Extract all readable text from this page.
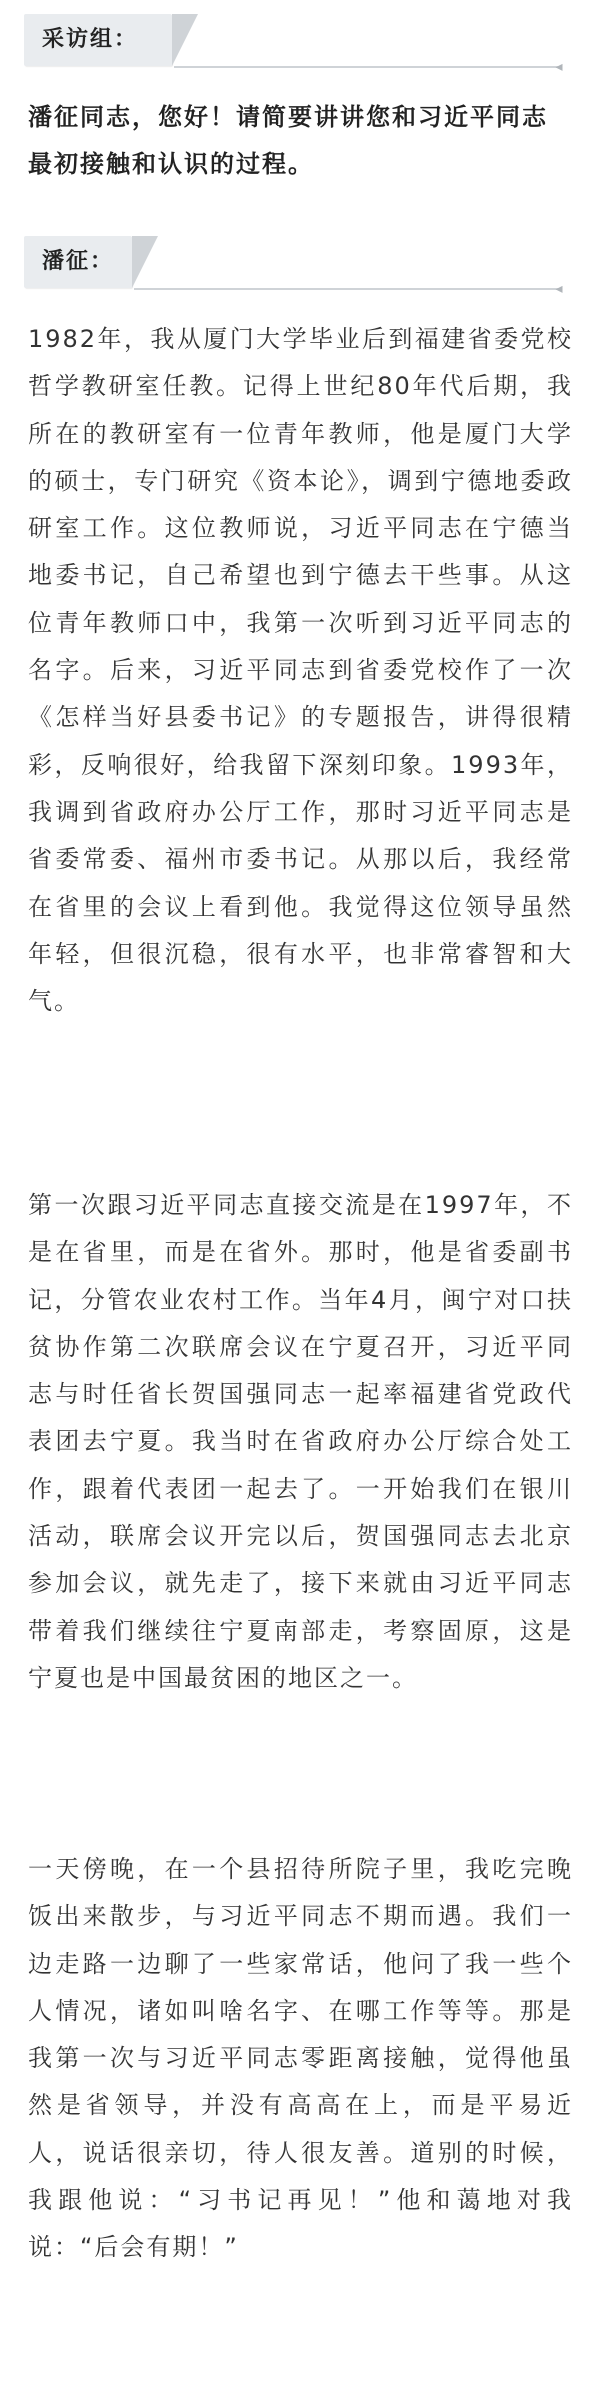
采访组：
◂
潘征同志，您好！请简要讲讲您和习近平同志最初接触和认识的过程。
潘征：
◂
1982年，我从厦门大学毕业后到福建省委党校哲学教研室任教。记得上世纪80年代后期，我所在的教研室有一位青年教师，他是厦门大学的硕士，专门研究《资本论》，调到宁德地委政研室工作。这位教师说，习近平同志在宁德当地委书记，自己希望也到宁德去干些事。从这位青年教师口中，我第一次听到习近平同志的名字。后来，习近平同志到省委党校作了一次《怎样当好县委书记》的专题报告，讲得很精彩，反响很好，给我留下深刻印象。1993年，我调到省政府办公厅工作，那时习近平同志是省委常委、福州市委书记。从那以后，我经常在省里的会议上看到他。我觉得这位领导虽然年轻，但很沉稳，很有水平，也非常睿智和大气。
第一次跟习近平同志直接交流是在1997年，不是在省里，而是在省外。那时，他是省委副书记，分管农业农村工作。当年4月，闽宁对口扶贫协作第二次联席会议在宁夏召开，习近平同志与时任省长贺国强同志一起率福建省党政代表团去宁夏。我当时在省政府办公厅综合处工作，跟着代表团一起去了。一开始我们在银川活动，联席会议开完以后，贺国强同志去北京参加会议，就先走了，接下来就由习近平同志带着我们继续往宁夏南部走，考察固原，这是宁夏也是中国最贫困的地区之一。
一天傍晚，在一个县招待所院子里，我吃完晚饭出来散步，与习近平同志不期而遇。我们一边走路一边聊了一些家常话，他问了我一些个人情况，诸如叫啥名字、在哪工作等等。那是我第一次与习近平同志零距离接触，觉得他虽然是省领导，并没有高高在上，而是平易近人，说话很亲切，待人很友善。道别的时候，我跟他说：“习书记再见！”他和蔼地对我说：“后会有期！”
